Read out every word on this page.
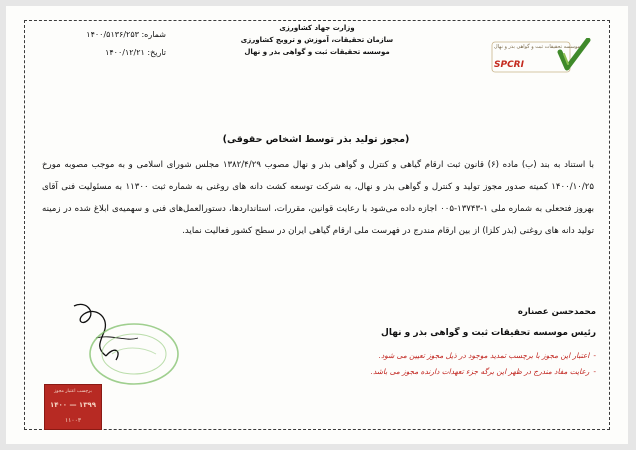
وزارت جهاد کشاورزی
سازمان تحقیقات، آموزش و ترویج کشاورزی
موسسه تحقیقات ثبت و گواهی بذر و نهال
شماره: ۱۴۰۰/۵۱۳۶/۲۵۳
تاریخ: ۱۴۰۰/۱۲/۲۱
موسسه تحقیقات ثبت و گواهی بذر و نهال
SPCRI
(مجوز تولید بذر توسط اشخاص حقوقی)

با استناد به بند (ب) ماده (۶) قانون ثبت ارقام گیاهی و کنترل و گواهی بذر و نهال مصوب ۱۳۸۲/۴/۲۹ مجلس شورای اسلامی و به موجب مصوبه مورخ ۱۴۰۰/۱۰/۲۵ کمیته صدور مجوز تولید و کنترل و گواهی بذر و نهال، به شرکت توسعه کشت دانه های روغنی به شماره ثبت ۱۱۳۰۰ به مسئولیت فنی آقای بهروز فتحعلی به شماره ملی ۱-۱۳۷۴۳-۰۰۵ اجازه داده می‌شود با رعایت قوانین، مقررات، استانداردها، دستورالعمل‌های فنی و سهمیه‌ی ابلاغ شده در زمینه تولید دانه های روغنی (بذر کلزا) از بین ارقام مندرج در فهرست ملی ارقام گیاهی ایران در سطح کشور فعالیت نماید.

محمدحسن عصناره
رئیس موسسه تحقیقات ثبت و گواهی بذر و نهال
-اعتبار این مجوز با برچسب تمدید موجود در ذیل مجوز تعیین می شود.
-رعایت مفاد مندرج در ظهر این برگه جزء تعهدات دارنده مجوز می باشد.
برچسب اعتبار مجوز
۱۴۰۰ — ۱۳۹۹
۱۱۰۰۳
